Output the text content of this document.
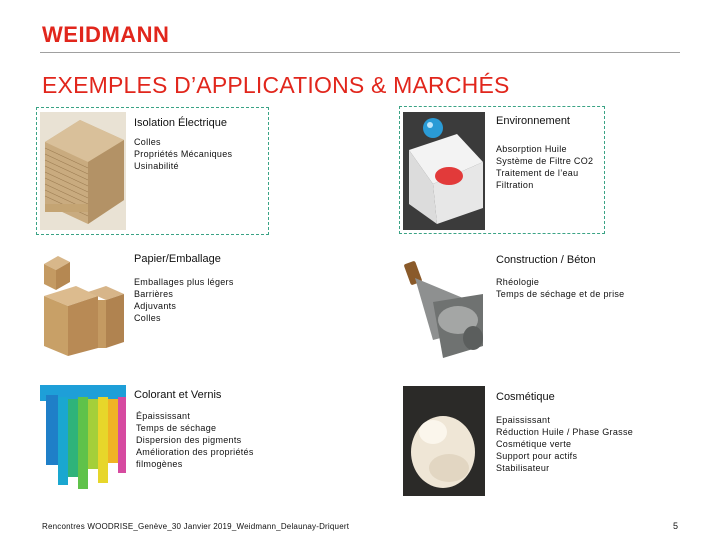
WEIDMANN
EXEMPLES D’APPLICATIONS & MARCHÉS
Isolation Électrique
Colles
Propriétés Mécaniques
Usinabilité
Environnement
Absorption Huile
Système de Filtre CO2
Traitement de l’eau
Filtration
Papier/Emballage
Emballages plus légers
Barrières
Adjuvants
Colles
Construction / Béton
Rhéologie
Temps de séchage et de prise
Colorant et Vernis
Épaississant
Temps de séchage
Dispersion des pigments
Amélioration des propriétés filmogènes
Cosmétique
Epaississant
Réduction Huile / Phase Grasse
Cosmétique verte
Support pour actifs
Stabilisateur
Rencontres WOODRISE_Genève_30 Janvier 2019_Weidmann_Delaunay-Driquert	5
